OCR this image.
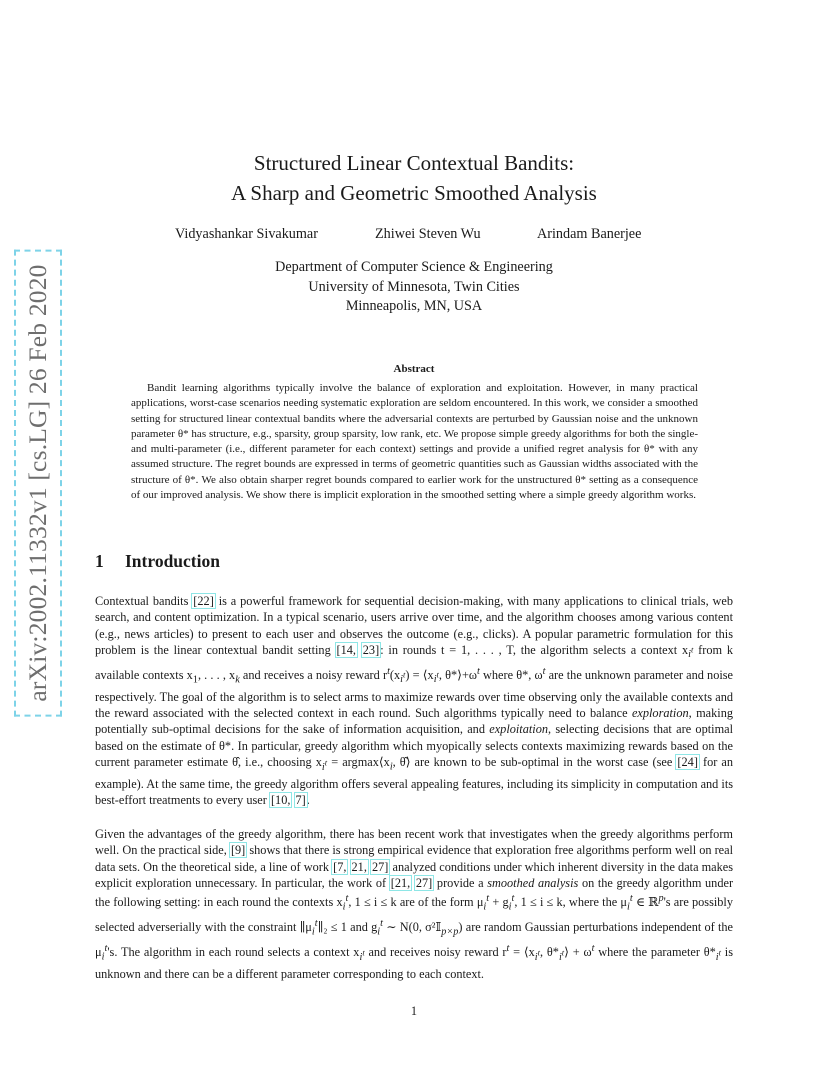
arXiv:2002.11332v1 [cs.LG] 26 Feb 2020
Structured Linear Contextual Bandits:
A Sharp and Geometric Smoothed Analysis
Vidyashankar Sivakumar	Zhiwei Steven Wu	Arindam Banerjee
Department of Computer Science & Engineering
University of Minnesota, Twin Cities
Minneapolis, MN, USA
Abstract

Bandit learning algorithms typically involve the balance of exploration and exploitation. However, in many practical applications, worst-case scenarios needing systematic exploration are seldom encountered. In this work, we consider a smoothed setting for structured linear contextual bandits where the adversarial contexts are perturbed by Gaussian noise and the unknown parameter θ* has structure, e.g., sparsity, group sparsity, low rank, etc. We propose simple greedy algorithms for both the single- and multi-parameter (i.e., different parameter for each context) settings and provide a unified regret analysis for θ* with any assumed structure. The regret bounds are expressed in terms of geometric quantities such as Gaussian widths associated with the structure of θ*. We also obtain sharper regret bounds compared to earlier work for the unstructured θ* setting as a consequence of our improved analysis. We show there is implicit exploration in the smoothed setting where a simple greedy algorithm works.

1 Introduction

Contextual bandits [22] is a powerful framework for sequential decision-making, with many applications to clinical trials, web search, and content optimization. In a typical scenario, users arrive over time, and the algorithm chooses among various content (e.g., news articles) to present to each user and observes the outcome (e.g., clicks). A popular parametric formulation for this problem is the linear contextual bandit setting [14, 23]: in rounds t = 1, . . . , T, the algorithm selects a context $x_{i^t}$ from k available contexts $x_1$, . . . , $x_k$ and receives a noisy reward $r^t(x_{i^t})$ = $⟨x_{i^t}$, $\theta*⟩+\omega^t$ where θ*, $\omega^t$ are the unknown parameter and noise respectively. The goal of the algorithm is to select arms to maximize rewards over time observing only the available contexts and the reward associated with the selected context in each round. Such algorithms typically need to balance exploration, making potentially sub-optimal decisions for the sake of information acquisition, and exploitation, selecting decisions that are optimal based on the estimate of θ*. In particular, greedy algorithm which myopically selects contexts maximizing rewards based on the current parameter estimate θ̂, i.e., choosing $x_{i^t}$ = $argmax⟨x_i$, θ̂⟩ are known to be sub-optimal in the worst case (see [24] for an example). At the same time, the greedy algorithm offers several appealing features, including its simplicity in computation and its best-effort treatments to every user [10, 7].

Given the advantages of the greedy algorithm, there has been recent work that investigates when the greedy algorithms perform well. On the practical side, [9] shows that there is strong empirical evidence that exploration free algorithms perform well on real data sets. On the theoretical side, a line of work [7, 21, 27] analyzed conditions under which inherent diversity in the data makes explicit exploration unnecessary. In particular, the work of [21, 27] provide a smoothed analysis on the greedy algorithm under the following setting: in each round the contexts $x_i^t$, 1 ≤ i ≤ k are of the form $\mu_i^t + g_i^t$, 1 ≤ i ≤ k, where the $\mu_i^t$ ∈ ℝ$^p$'s are possibly selected adverserially with the constraint $\parallel\mu_i^t\parallel_2 \le 1$ and $g_i^t$ ∼ N(0, σ²𝕀$_{p\times p}$) are random Gaussian perturbations independent of the $\mu_i^t's$. The algorithm in each round selects a context $x_{i^t}$ and receives noisy reward $r^t$ = $⟨x_{i^t}$, $\theta*_{i^t}⟩ + \omega^t$ where the parameter $\theta*_{i^t}$ is unknown and there can be a different parameter corresponding to each context.

1
